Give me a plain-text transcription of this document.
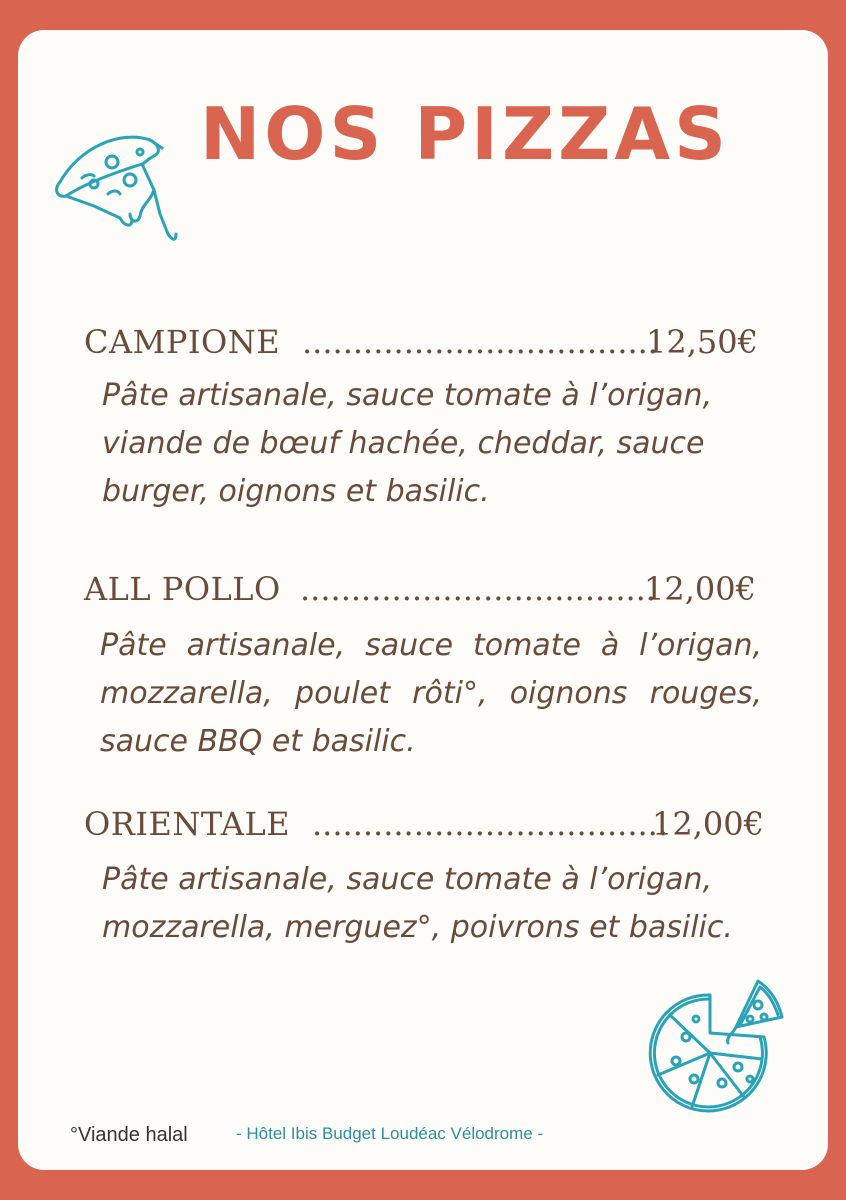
NOS PIZZAS
CAMPIONE ...................................
12,50€

Pâte artisanale, sauce tomate à l’origan,
viande de bœuf hachée, cheddar, sauce
burger, oignons et basilic.

ALL POLLO ...................................
12,00€

Pâte artisanale, sauce tomate à l’origan,
mozzarella, poulet rôti°, oignons rouges,
sauce BBQ et basilic.

ORIENTALE ...................................
12,00€

Pâte artisanale, sauce tomate à l’origan,
mozzarella, merguez°, poivrons et basilic.

°Viande halal	- Hôtel Ibis Budget Loudéac Vélodrome -
